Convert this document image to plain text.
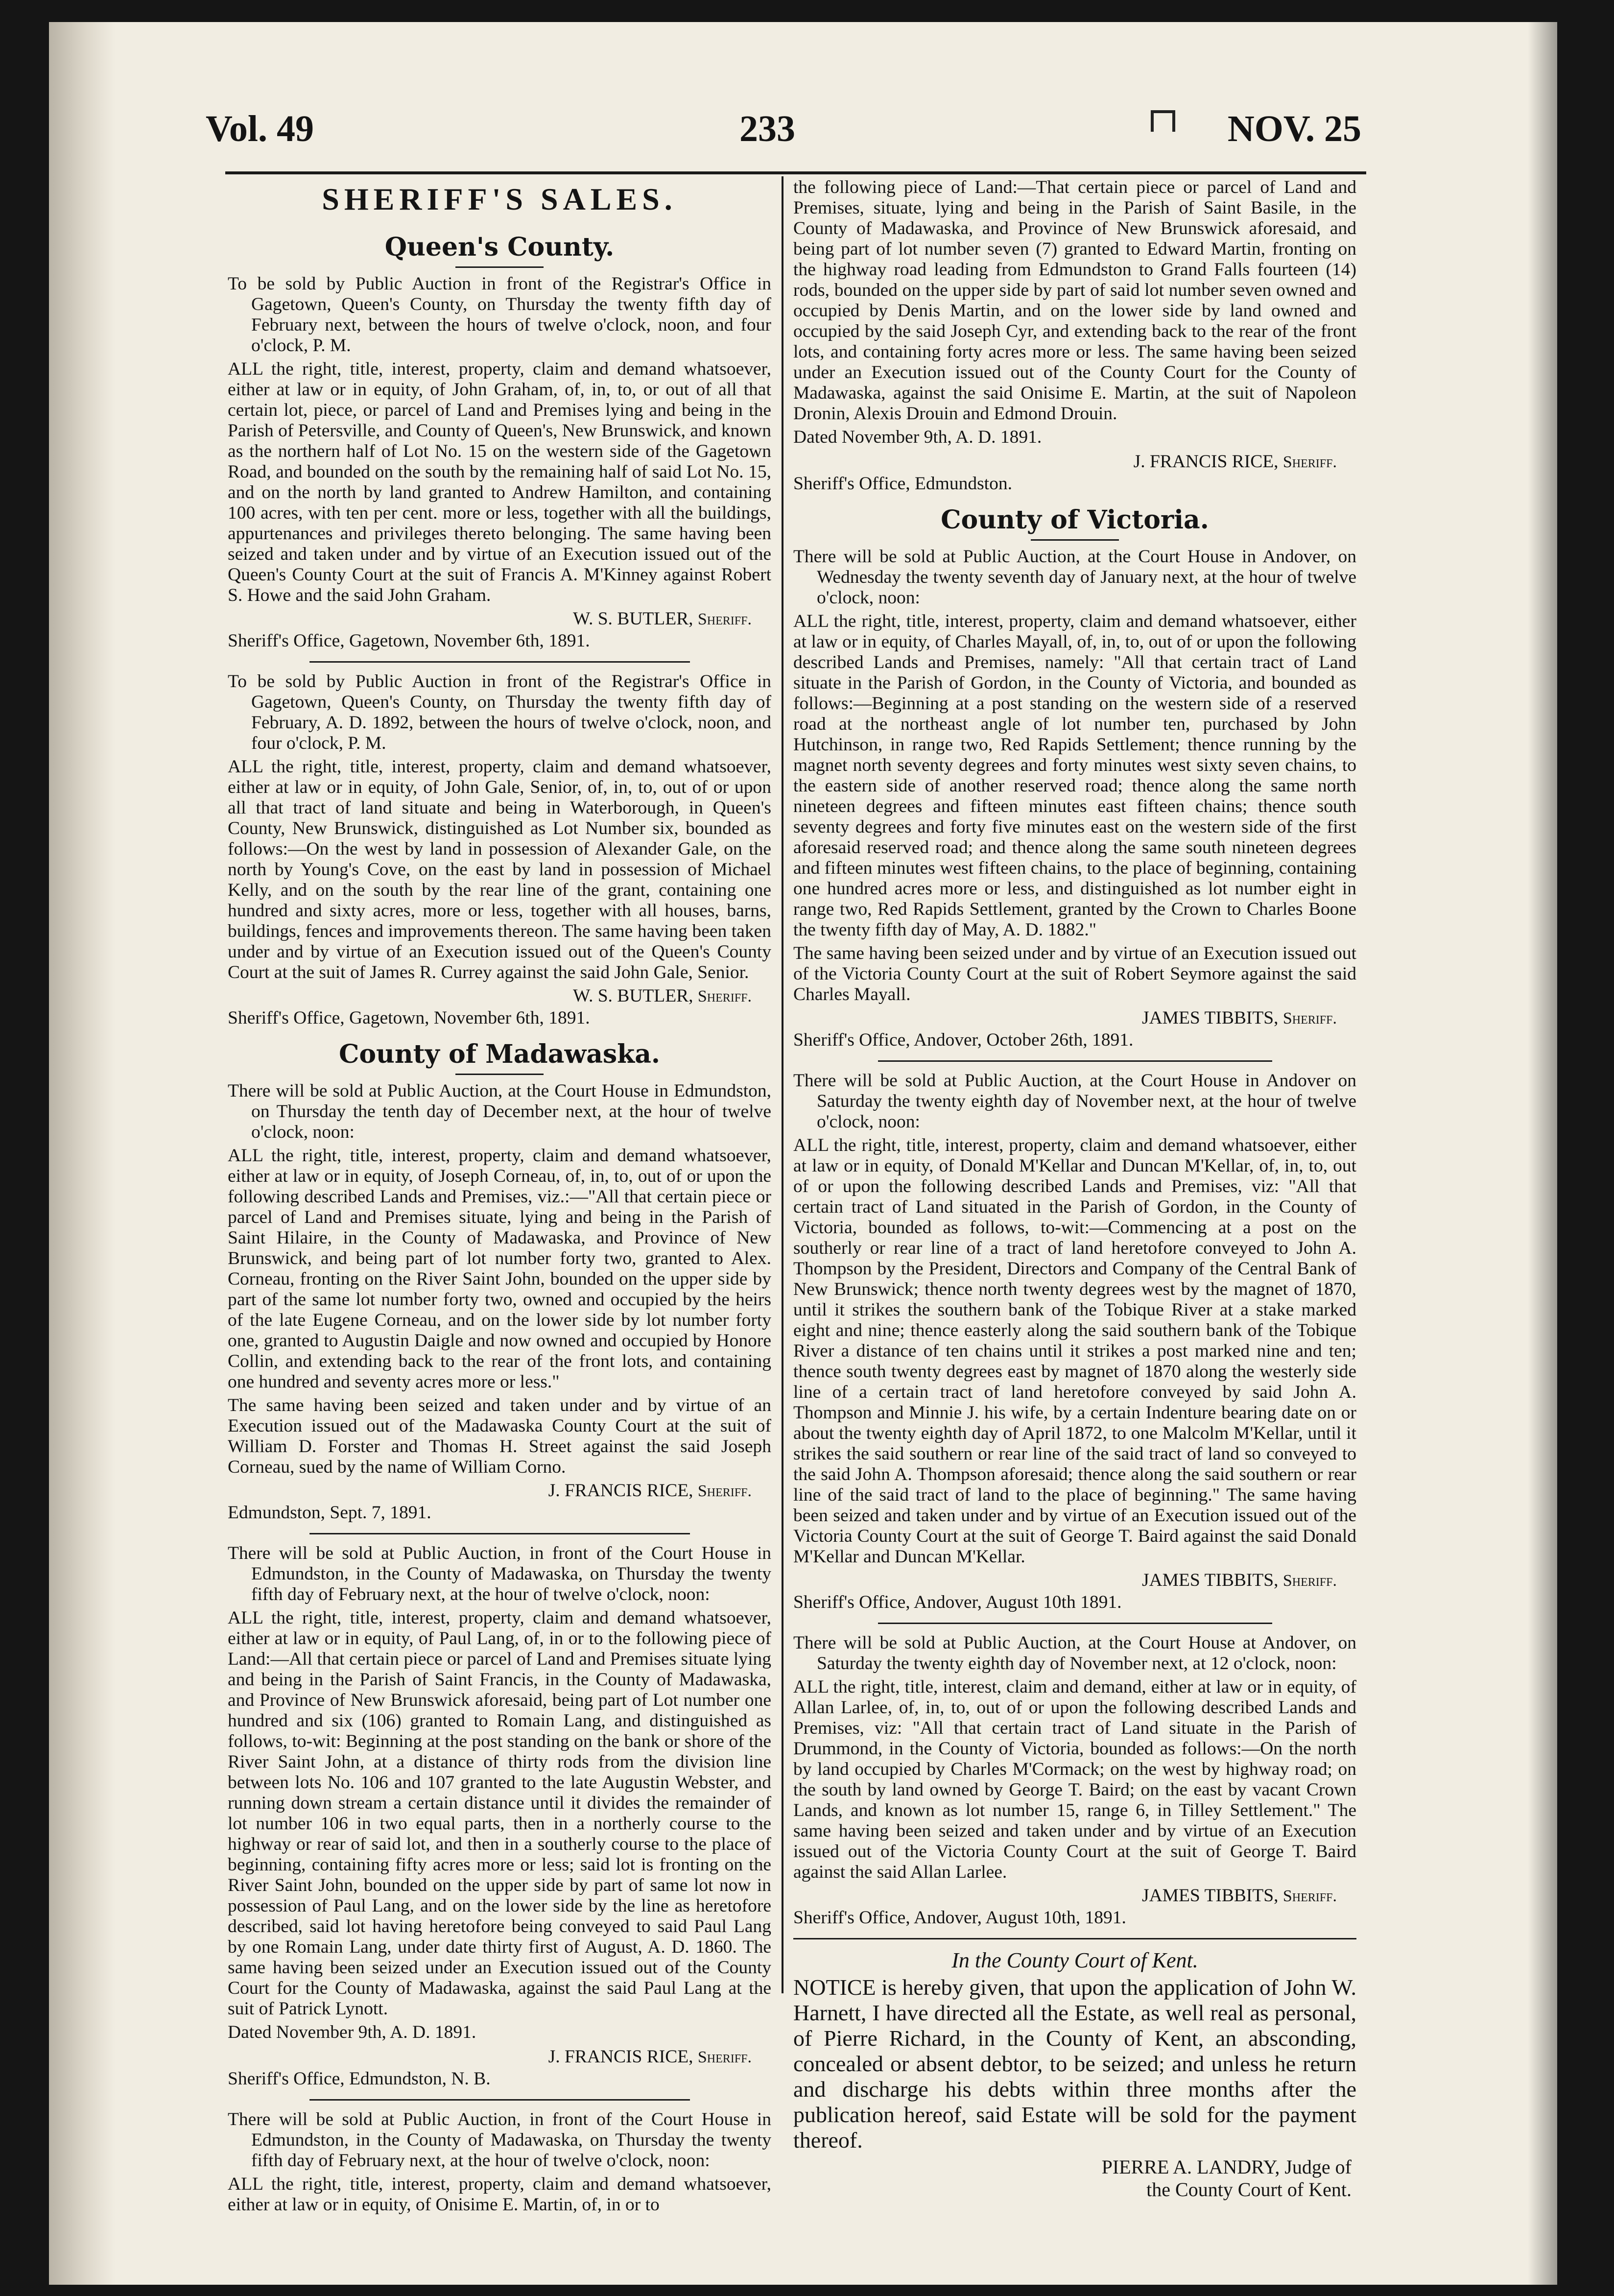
Vol. 49	233	NOV. 25
SHERIFF'S SALES.
Queen's County.

To be sold by Public Auction in front of the Registrar's Office in Gagetown, Queen's County, on Thursday the twenty fifth day of February next, between the hours of twelve o'clock, noon, and four o'clock, P. M.

ALL the right, title, interest, property, claim and demand whatsoever, either at law or in equity, of John Graham, of, in, to, or out of all that certain lot, piece, or parcel of Land and Premises lying and being in the Parish of Petersville, and County of Queen's, New Brunswick, and known as the northern half of Lot No. 15 on the western side of the Gagetown Road, and bounded on the south by the remaining half of said Lot No. 15, and on the north by land granted to Andrew Hamilton, and containing 100 acres, with ten per cent. more or less, together with all the buildings, appurtenances and privileges thereto belonging. The same having been seized and taken under and by virtue of an Execution issued out of the Queen's County Court at the suit of Francis A. M'Kinney against Robert S. Howe and the said John Graham.

W. S. BUTLER, Sheriff.

Sheriff's Office, Gagetown, November 6th, 1891.

To be sold by Public Auction in front of the Registrar's Office in Gagetown, Queen's County, on Thursday the twenty fifth day of February, A. D. 1892, between the hours of twelve o'clock, noon, and four o'clock, P. M.

ALL the right, title, interest, property, claim and demand whatsoever, either at law or in equity, of John Gale, Senior, of, in, to, out of or upon all that tract of land situate and being in Waterborough, in Queen's County, New Brunswick, distinguished as Lot Number six, bounded as follows:—On the west by land in possession of Alexander Gale, on the north by Young's Cove, on the east by land in possession of Michael Kelly, and on the south by the rear line of the grant, containing one hundred and sixty acres, more or less, together with all houses, barns, buildings, fences and improvements thereon. The same having been taken under and by virtue of an Execution issued out of the Queen's County Court at the suit of James R. Currey against the said John Gale, Senior.

W. S. BUTLER, Sheriff.

Sheriff's Office, Gagetown, November 6th, 1891.

County of Madawaska.

There will be sold at Public Auction, at the Court House in Edmundston, on Thursday the tenth day of December next, at the hour of twelve o'clock, noon:

ALL the right, title, interest, property, claim and demand whatsoever, either at law or in equity, of Joseph Corneau, of, in, to, out of or upon the following described Lands and Premises, viz.:—"All that certain piece or parcel of Land and Premises situate, lying and being in the Parish of Saint Hilaire, in the County of Madawaska, and Province of New Brunswick, and being part of lot number forty two, granted to Alex. Corneau, fronting on the River Saint John, bounded on the upper side by part of the same lot number forty two, owned and occupied by the heirs of the late Eugene Corneau, and on the lower side by lot number forty one, granted to Augustin Daigle and now owned and occupied by Honore Collin, and extending back to the rear of the front lots, and containing one hundred and seventy acres more or less."

The same having been seized and taken under and by virtue of an Execution issued out of the Madawaska County Court at the suit of William D. Forster and Thomas H. Street against the said Joseph Corneau, sued by the name of William Corno.

J. FRANCIS RICE, Sheriff.

Edmundston, Sept. 7, 1891.

There will be sold at Public Auction, in front of the Court House in Edmundston, in the County of Madawaska, on Thursday the twenty fifth day of February next, at the hour of twelve o'clock, noon:

ALL the right, title, interest, property, claim and demand whatsoever, either at law or in equity, of Paul Lang, of, in or to the following piece of Land:—All that certain piece or parcel of Land and Premises situate lying and being in the Parish of Saint Francis, in the County of Madawaska, and Province of New Brunswick aforesaid, being part of Lot number one hundred and six (106) granted to Romain Lang, and distinguished as follows, to-wit: Beginning at the post standing on the bank or shore of the River Saint John, at a distance of thirty rods from the division line between lots No. 106 and 107 granted to the late Augustin Webster, and running down stream a certain distance until it divides the remainder of lot number 106 in two equal parts, then in a northerly course to the highway or rear of said lot, and then in a southerly course to the place of beginning, containing fifty acres more or less; said lot is fronting on the River Saint John, bounded on the upper side by part of same lot now in possession of Paul Lang, and on the lower side by the line as heretofore described, said lot having heretofore being conveyed to said Paul Lang by one Romain Lang, under date thirty first of August, A. D. 1860. The same having been seized under an Execution issued out of the County Court for the County of Madawaska, against the said Paul Lang at the suit of Patrick Lynott.

Dated November 9th, A. D. 1891.

J. FRANCIS RICE, Sheriff.

Sheriff's Office, Edmundston, N. B.

There will be sold at Public Auction, in front of the Court House in Edmundston, in the County of Madawaska, on Thursday the twenty fifth day of February next, at the hour of twelve o'clock, noon:

ALL the right, title, interest, property, claim and demand whatsoever, either at law or in equity, of Onisime E. Martin, of, in or to

the following piece of Land:—That certain piece or parcel of Land and Premises, situate, lying and being in the Parish of Saint Basile, in the County of Madawaska, and Province of New Brunswick aforesaid, and being part of lot number seven (7) granted to Edward Martin, fronting on the highway road leading from Edmundston to Grand Falls fourteen (14) rods, bounded on the upper side by part of said lot number seven owned and occupied by Denis Martin, and on the lower side by land owned and occupied by the said Joseph Cyr, and extending back to the rear of the front lots, and containing forty acres more or less. The same having been seized under an Execution issued out of the County Court for the County of Madawaska, against the said Onisime E. Martin, at the suit of Napoleon Dronin, Alexis Drouin and Edmond Drouin.

Dated November 9th, A. D. 1891.

J. FRANCIS RICE, Sheriff.

Sheriff's Office, Edmundston.

County of Victoria.

There will be sold at Public Auction, at the Court House in Andover, on Wednesday the twenty seventh day of January next, at the hour of twelve o'clock, noon:

ALL the right, title, interest, property, claim and demand whatsoever, either at law or in equity, of Charles Mayall, of, in, to, out of or upon the following described Lands and Premises, namely: "All that certain tract of Land situate in the Parish of Gordon, in the County of Victoria, and bounded as follows:—Beginning at a post standing on the western side of a reserved road at the northeast angle of lot number ten, purchased by John Hutchinson, in range two, Red Rapids Settlement; thence running by the magnet north seventy degrees and forty minutes west sixty seven chains, to the eastern side of another reserved road; thence along the same north nineteen degrees and fifteen minutes east fifteen chains; thence south seventy degrees and forty five minutes east on the western side of the first aforesaid reserved road; and thence along the same south nineteen degrees and fifteen minutes west fifteen chains, to the place of beginning, containing one hundred acres more or less, and distinguished as lot number eight in range two, Red Rapids Settlement, granted by the Crown to Charles Boone the twenty fifth day of May, A. D. 1882."

The same having been seized under and by virtue of an Execution issued out of the Victoria County Court at the suit of Robert Seymore against the said Charles Mayall.

JAMES TIBBITS, Sheriff.

Sheriff's Office, Andover, October 26th, 1891.

There will be sold at Public Auction, at the Court House in Andover on Saturday the twenty eighth day of November next, at the hour of twelve o'clock, noon:

ALL the right, title, interest, property, claim and demand whatsoever, either at law or in equity, of Donald M'Kellar and Duncan M'Kellar, of, in, to, out of or upon the following described Lands and Premises, viz: "All that certain tract of Land situated in the Parish of Gordon, in the County of Victoria, bounded as follows, to-wit:—Commencing at a post on the southerly or rear line of a tract of land heretofore conveyed to John A. Thompson by the President, Directors and Company of the Central Bank of New Brunswick; thence north twenty degrees west by the magnet of 1870, until it strikes the southern bank of the Tobique River at a stake marked eight and nine; thence easterly along the said southern bank of the Tobique River a distance of ten chains until it strikes a post marked nine and ten; thence south twenty degrees east by magnet of 1870 along the westerly side line of a certain tract of land heretofore conveyed by said John A. Thompson and Minnie J. his wife, by a certain Indenture bearing date on or about the twenty eighth day of April 1872, to one Malcolm M'Kellar, until it strikes the said southern or rear line of the said tract of land so conveyed to the said John A. Thompson aforesaid; thence along the said southern or rear line of the said tract of land to the place of beginning." The same having been seized and taken under and by virtue of an Execution issued out of the Victoria County Court at the suit of George T. Baird against the said Donald M'Kellar and Duncan M'Kellar.

JAMES TIBBITS, Sheriff.

Sheriff's Office, Andover, August 10th 1891.

There will be sold at Public Auction, at the Court House at Andover, on Saturday the twenty eighth day of November next, at 12 o'clock, noon:

ALL the right, title, interest, claim and demand, either at law or in equity, of Allan Larlee, of, in, to, out of or upon the following described Lands and Premises, viz: "All that certain tract of Land situate in the Parish of Drummond, in the County of Victoria, bounded as follows:—On the north by land occupied by Charles M'Cormack; on the west by highway road; on the south by land owned by George T. Baird; on the east by vacant Crown Lands, and known as lot number 15, range 6, in Tilley Settlement." The same having been seized and taken under and by virtue of an Execution issued out of the Victoria County Court at the suit of George T. Baird against the said Allan Larlee.

JAMES TIBBITS, Sheriff.

Sheriff's Office, Andover, August 10th, 1891.

In the County Court of Kent.

NOTICE is hereby given, that upon the application of John W. Harnett, I have directed all the Estate, as well real as personal, of Pierre Richard, in the County of Kent, an absconding, concealed or absent debtor, to be seized; and unless he return and discharge his debts within three months after the publication hereof, said Estate will be sold for the payment thereof.

PIERRE A. LANDRY, Judge of
the County Court of Kent.
